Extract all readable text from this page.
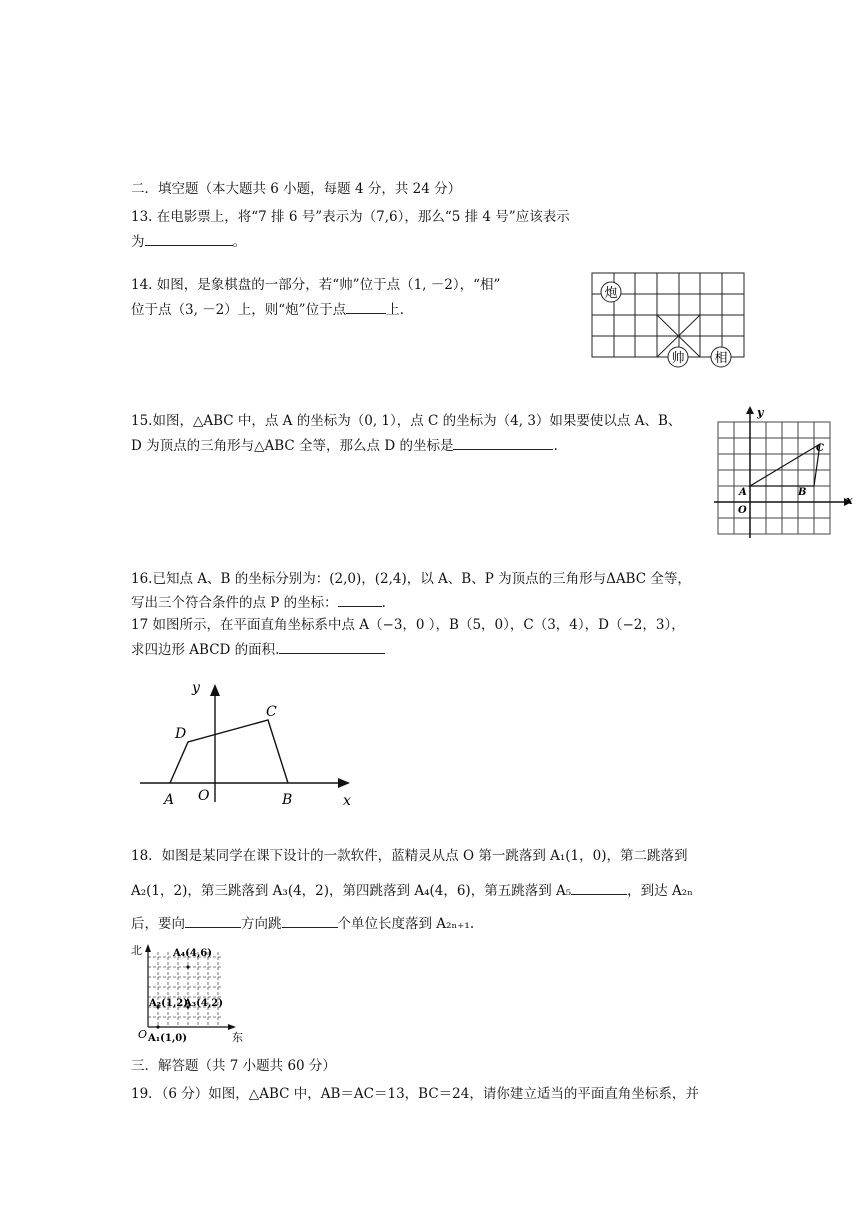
二．填空题（本大题共 6 小题，每题 4 分，共 24 分）
13. 在电影票上，将“7 排 6 号”表示为（7,6），那么“5 排 4 号”应该表示
为	。
14. 如图，是象棋盘的一部分，若“帅”位于点（1, －2），“相”
位于点（3, －2）上，则“炮”位于点	上.
炮
帅 相
15.如图，△ABC 中，点 A 的坐标为（0, 1），点 C 的坐标为（4, 3）如果要使以点 A、B、
D 为顶点的三角形与△ABC 全等，那么点 D 的坐标是	.
y
x
A	B
C
O
16.已知点 A、B 的坐标分别为：(2,0)，(2,4)，以 A、B、P 为顶点的三角形与ΔABC 全等，
写出三个符合条件的点 P 的坐标：	.
17 如图所示，在平面直角坐标系中点 A（−3，0 ），B（5，0），C（3，4），D（−2，3），
求四边形 ABCD 的面积.
y
x
A O	B
C
D
18．如图是某同学在课下设计的一款软件，蓝精灵从点 O 第一跳落到 A₁(1，0)，第二跳落到
A₂(1，2)，第三跳落到 A₃(4，2)，第四跳落到 A₄(4，6)，第五跳落到 A₅	，到达 A₂ₙ
后，要向	方向跳	个单位长度落到 A₂ₙ₊₁.
北
东
O A₁(1,0)
A₂(1,2)
A₃(4,2)
A₄(4,6)
三．解答题（共 7 小题共 60 分）
19．（6 分）如图，△ABC 中，AB＝AC＝13，BC＝24，请你建立适当的平面直角坐标系，并
